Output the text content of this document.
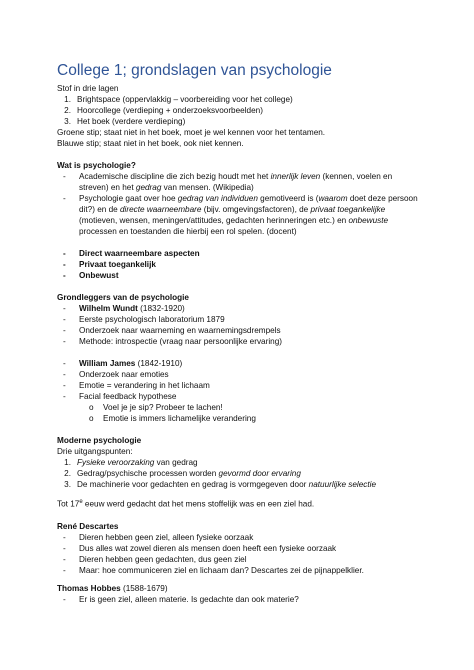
College 1; grondslagen van psychologie
Stof in drie lagen
1. Brightspace (oppervlakkig – voorbereiding voor het college)
2. Hoorcollege (verdieping + onderzoeksvoorbeelden)
3. Het boek (verdere verdieping)
Groene stip; staat niet in het boek, moet je wel kennen voor het tentamen.
Blauwe stip; staat niet in het boek, ook niet kennen.
Wat is psychologie?
-	Academische discipline die zich bezig houdt met het innerlijk leven (kennen, voelen en
streven) en het gedrag van mensen. (Wikipedia)
-	Psychologie gaat over hoe gedrag van individuen gemotiveerd is (waarom doet deze persoon
dit?) en de directe waarneembare (bijv. omgevingsfactoren), de privaat toegankelijke
(motieven, wensen, meningen/attitudes, gedachten herinneringen etc.) en onbewuste
processen en toestanden die hierbij een rol spelen. (docent)
-	Direct waarneembare aspecten
-	Privaat toegankelijk
-	Onbewust
Grondleggers van de psychologie
-	Wilhelm Wundt (1832-1920)
-	Eerste psychologisch laboratorium 1879
-	Onderzoek naar waarneming en waarnemingsdrempels
-	Methode: introspectie (vraag naar persoonlijke ervaring)
-	William James (1842-1910)
-	Onderzoek naar emoties
-	Emotie = verandering in het lichaam
-	Facial feedback hypothese
o	Voel je je sip? Probeer te lachen!
o	Emotie is immers lichamelijke verandering
Moderne psychologie
Drie uitgangspunten:
1. Fysieke veroorzaking van gedrag
2. Gedrag/psychische processen worden gevormd door ervaring
3. De machinerie voor gedachten en gedrag is vormgegeven door natuurlijke selectie
Tot 17e eeuw werd gedacht dat het mens stoffelijk was en een ziel had.
René Descartes
-	Dieren hebben geen ziel, alleen fysieke oorzaak
-	Dus alles wat zowel dieren als mensen doen heeft een fysieke oorzaak
-	Dieren hebben geen gedachten, dus geen ziel
-	Maar: hoe communiceren ziel en lichaam dan? Descartes zei de pijnappelklier.
Thomas Hobbes (1588-1679)
-	Er is geen ziel, alleen materie. Is gedachte dan ook materie?
